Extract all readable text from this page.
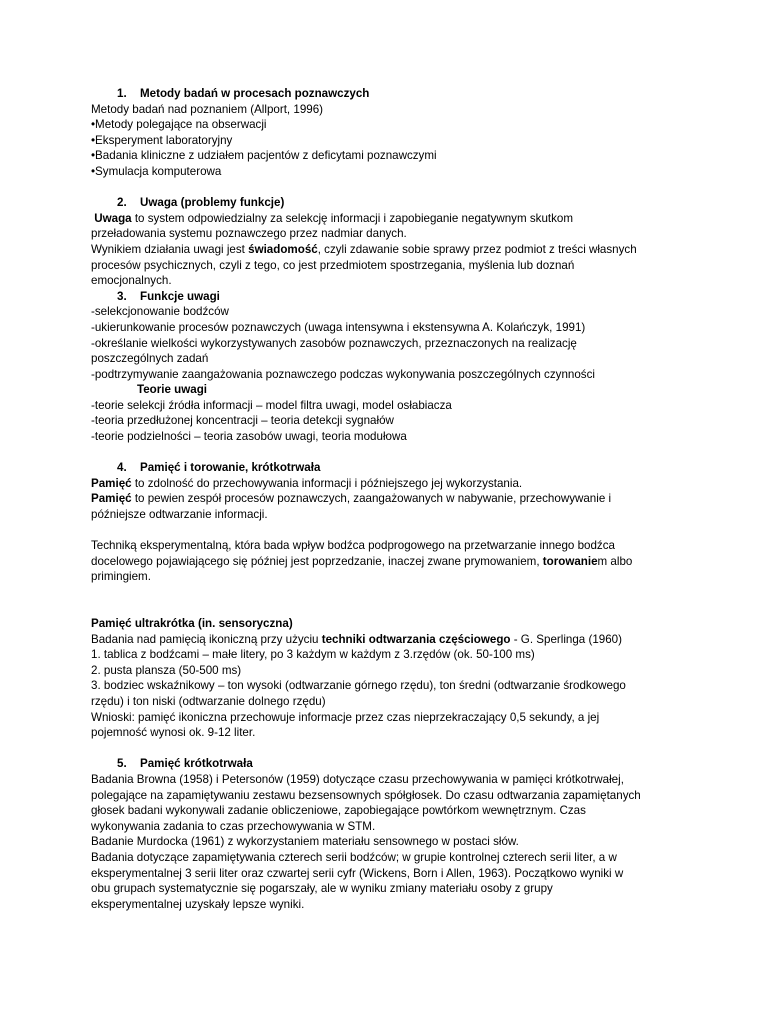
1. Metody badań w procesach poznawczych
Metody badań nad poznaniem (Allport, 1996)
•Metody polegające na obserwacji
•Eksperyment laboratoryjny
•Badania kliniczne z udziałem pacjentów z deficytami poznawczymi
•Symulacja komputerowa
2. Uwaga (problemy funkcje)
Uwaga to system odpowiedzialny za selekcję informacji i zapobieganie negatywnym skutkom
przeładowania systemu poznawczego przez nadmiar danych.
Wynikiem działania uwagi jest świadomość, czyli zdawanie sobie sprawy przez podmiot z treści własnych
procesów psychicznych, czyli z tego, co jest przedmiotem spostrzegania, myślenia lub doznań
emocjonalnych.
3. Funkcje uwagi
-selekcjonowanie bodźców
-ukierunkowanie procesów poznawczych (uwaga intensywna i ekstensywna A. Kolańczyk, 1991)
-określanie wielkości wykorzystywanych zasobów poznawczych, przeznaczonych na realizację
poszczególnych zadań
-podtrzymywanie zaangażowania poznawczego podczas wykonywania poszczególnych czynności
Teorie uwagi
-teorie selekcji źródła informacji – model filtra uwagi, model osłabiacza
-teoria przedłużonej koncentracji – teoria detekcji sygnałów
-teorie podzielności – teoria zasobów uwagi, teoria modułowa
4. Pamięć i torowanie, krótkotrwała
Pamięć to zdolność do przechowywania informacji i późniejszego jej wykorzystania.
Pamięć to pewien zespół procesów poznawczych, zaangażowanych w nabywanie, przechowywanie i
późniejsze odtwarzanie informacji.
Techniką eksperymentalną, która bada wpływ bodźca podprogowego na przetwarzanie innego bodźca
docelowego pojawiającego się później jest poprzedzanie, inaczej zwane prymowaniem, torowaniem albo
primingiem.
Pamięć ultrakrótka (in. sensoryczna)
Badania nad pamięcią ikoniczną przy użyciu techniki odtwarzania częściowego - G. Sperlinga (1960)
1. tablica z bodźcami – małe litery, po 3 każdym w każdym z 3.rzędów (ok. 50-100 ms)
2. pusta plansza (50-500 ms)
3. bodziec wskaźnikowy – ton wysoki (odtwarzanie górnego rzędu), ton średni (odtwarzanie środkowego
rzędu) i ton niski (odtwarzanie dolnego rzędu)
Wnioski: pamięć ikoniczna przechowuje informacje przez czas nieprzekraczający 0,5 sekundy, a jej
pojemność wynosi ok. 9-12 liter.
5. Pamięć krótkotrwała
Badania Browna (1958) i Petersonów (1959) dotyczące czasu przechowywania w pamięci krótkotrwałej,
polegające na zapamiętywaniu zestawu bezsensownych spółgłosek. Do czasu odtwarzania zapamiętanych
głosek badani wykonywali zadanie obliczeniowe, zapobiegające powtórkom wewnętrznym. Czas
wykonywania zadania to czas przechowywania w STM.
Badanie Murdocka (1961) z wykorzystaniem materiału sensownego w postaci słów.
Badania dotyczące zapamiętywania czterech serii bodźców; w grupie kontrolnej czterech serii liter, a w
eksperymentalnej 3 serii liter oraz czwartej serii cyfr (Wickens, Born i Allen, 1963). Początkowo wyniki w
obu grupach systematycznie się pogarszały, ale w wyniku zmiany materiału osoby z grupy
eksperymentalnej uzyskały lepsze wyniki.
